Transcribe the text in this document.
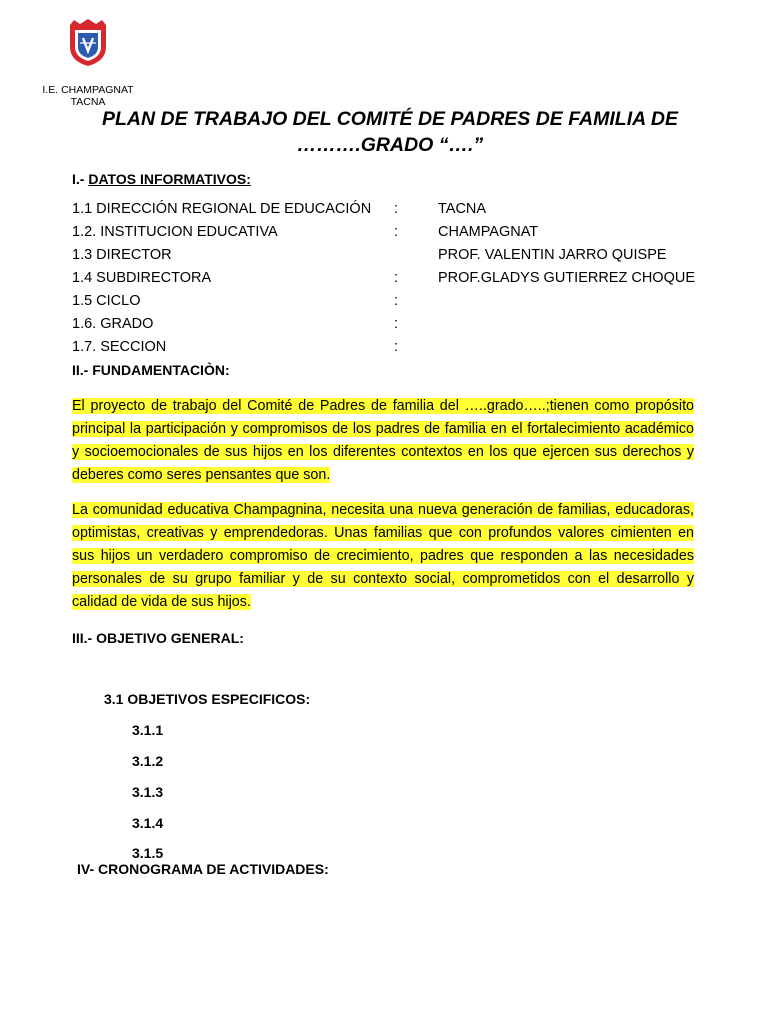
I.E. CHAMPAGNAT
TACNA
PLAN DE TRABAJO DEL COMITÉ DE PADRES DE FAMILIA DE
……….GRADO “….”
I.- DATOS INFORMATIVOS:
1.1 DIRECCIÓN REGIONAL DE EDUCACIÓN :	TACNA
1.2. INSTITUCION EDUCATIVA	:	CHAMPAGNAT
1.3 DIRECTOR	PROF. VALENTIN JARRO QUISPE
1.4 SUBDIRECTORA	:	PROF.GLADYS GUTIERREZ CHOQUE
1.5 CICLO	:
1.6. GRADO	:
1.7. SECCION	:
II.- FUNDAMENTACIÒN:
El proyecto de trabajo del Comité de Padres de familia del …..grado…..;tienen como propósito principal la participación y compromisos de los padres de familia en el fortalecimiento académico y socioemocionales de sus hijos en los diferentes contextos en los que ejercen sus derechos y deberes como seres pensantes que son.
La comunidad educativa Champagnina, necesita una nueva generación de familias, educadoras, optimistas, creativas y emprendedoras. Unas familias que con profundos valores cimienten en sus hijos un verdadero compromiso de crecimiento, padres que responden a las necesidades personales de su grupo familiar y de su contexto social, comprometidos con el desarrollo y calidad de vida de sus hijos.
III.- OBJETIVO GENERAL:
3.1 OBJETIVOS ESPECIFICOS:
3.1.1
3.1.2
3.1.3
3.1.4
3.1.5
IV- CRONOGRAMA DE ACTIVIDADES:
